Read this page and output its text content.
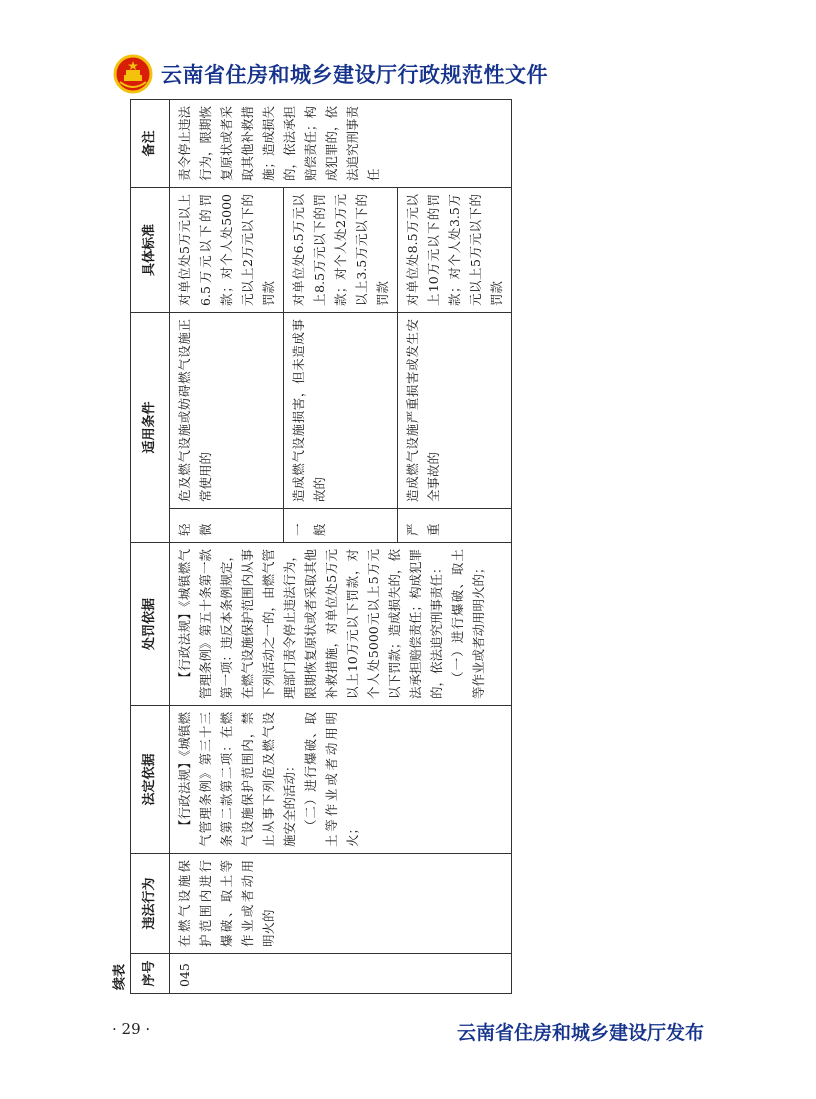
云南省住房和城乡建设厅行政规范性文件
续表 序号	违法行为	法定依据	处罚依据	适用条件		具体标准	备注
045	在燃气设施保护范围内进行爆破、取土等作业或者动用明火的	【行政法规】《城镇燃气管理条例》第三十三条第二款第二项：在燃气设施保护范围内，禁止从事下列危及燃气设施安全的活动： （二）进行爆破、取土等作业或者动用明火；	【行政法规】《城镇燃气管理条例》第五十条第一款第一项：违反本条例规定，在燃气设施保护范围内从事下列活动之一的，由燃气管理部门责令停止违法行为，限期恢复原状或者采取其他补救措施，对单位处5万元以上10万元以下罚款，对个人处5000元以上5万元以下罚款；造成损失的，依法承担赔偿责任；构成犯罪的，依法追究刑事责任： （一）进行爆破、取土等作业或者动用明火的；	轻微	危及燃气设施或妨碍燃气设施正常使用的	对单位处5万元以上6.5万元以下的罚款；对个人处5000元以上2万元以下的罚款	责令停止违法行为，限期恢复原状或者采取其他补救措施；造成损失的，依法承担赔偿责任；构成犯罪的，依法追究刑事责任
				一般	造成燃气设施损害，但未造成事故的	对单位处6.5万元以上8.5万元以下的罚款；对个人处2万元以上3.5万元以下的罚款	
				严重	造成燃气设施严重损害或发生安全事故的	对单位处8.5万元以上10万元以下的罚款；对个人处3.5万元以上5万元以下的罚款	
· 29 ·	云南省住房和城乡建设厅发布
